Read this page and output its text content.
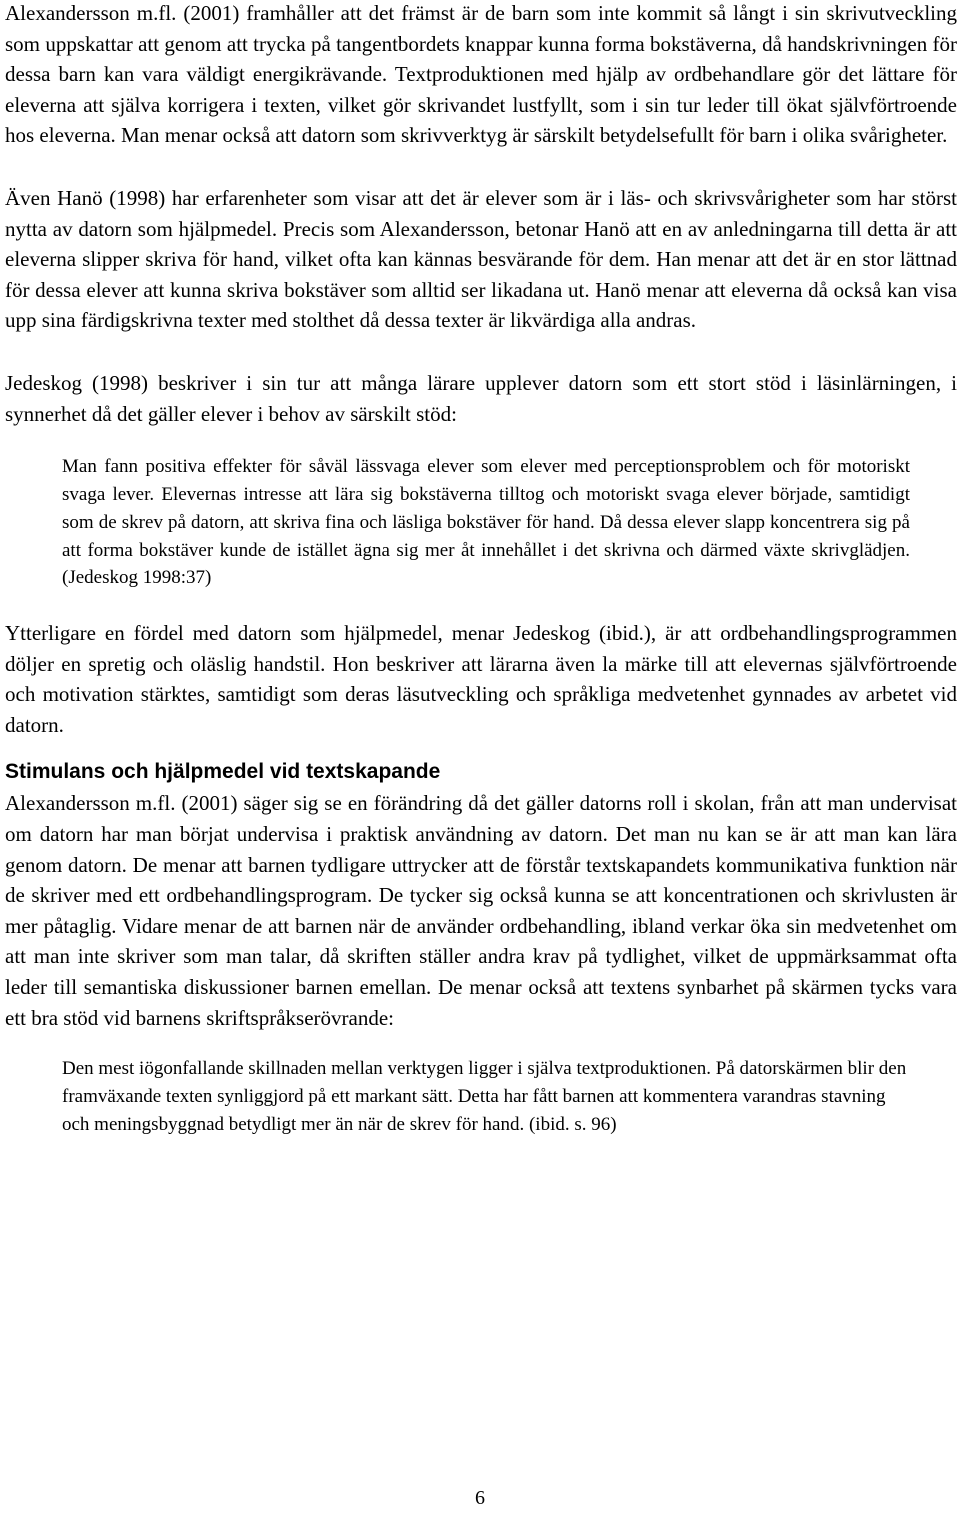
Alexandersson m.fl. (2001) framhåller att det främst är de barn som inte kommit så långt i sin skrivutveckling som uppskattar att genom att trycka på tangentbordets knappar kunna forma bokstäverna, då handskrivningen för dessa barn kan vara väldigt energikrävande. Textproduktionen med hjälp av ordbehandlare gör det lättare för eleverna att själva korrigera i texten, vilket gör skrivandet lustfyllt, som i sin tur leder till ökat självförtroende hos eleverna. Man menar också att datorn som skrivverktyg är särskilt betydelsefullt för barn i olika svårigheter.

Även Hanö (1998) har erfarenheter som visar att det är elever som är i läs- och skrivsvårigheter som har störst nytta av datorn som hjälpmedel. Precis som Alexandersson, betonar Hanö att en av anledningarna till detta är att eleverna slipper skriva för hand, vilket ofta kan kännas besvärande för dem. Han menar att det är en stor lättnad för dessa elever att kunna skriva bokstäver som alltid ser likadana ut. Hanö menar att eleverna då också kan visa upp sina färdigskrivna texter med stolthet då dessa texter är likvärdiga alla andras.

Jedeskog (1998) beskriver i sin tur att många lärare upplever datorn som ett stort stöd i läsinlärningen, i synnerhet då det gäller elever i behov av särskilt stöd:

Man fann positiva effekter för såväl lässvaga elever som elever med perceptionsproblem och för motoriskt svaga lever. Elevernas intresse att lära sig bokstäverna tilltog och motoriskt svaga elever började, samtidigt som de skrev på datorn, att skriva fina och läsliga bokstäver för hand. Då dessa elever slapp koncentrera sig på att forma bokstäver kunde de istället ägna sig mer åt innehållet i det skrivna och därmed växte skrivglädjen. (Jedeskog 1998:37)

Ytterligare en fördel med datorn som hjälpmedel, menar Jedeskog (ibid.), är att ordbehandlingsprogrammen döljer en spretig och oläslig handstil. Hon beskriver att lärarna även la märke till att elevernas självförtroende och motivation stärktes, samtidigt som deras läsutveckling och språkliga medvetenhet gynnades av arbetet vid datorn.

Stimulans och hjälpmedel vid textskapande

Alexandersson m.fl. (2001) säger sig se en förändring då det gäller datorns roll i skolan, från att man undervisat om datorn har man börjat undervisa i praktisk användning av datorn. Det man nu kan se är att man kan lära genom datorn. De menar att barnen tydligare uttrycker att de förstår textskapandets kommunikativa funktion när de skriver med ett ordbehandlingsprogram. De tycker sig också kunna se att koncentrationen och skrivlusten är mer påtaglig. Vidare menar de att barnen när de använder ordbehandling, ibland verkar öka sin medvetenhet om att man inte skriver som man talar, då skriften ställer andra krav på tydlighet, vilket de uppmärksammat ofta leder till semantiska diskussioner barnen emellan. De menar också att textens synbarhet på skärmen tycks vara ett bra stöd vid barnens skriftspråkserövrande:

Den mest iögonfallande skillnaden mellan verktygen ligger i själva textproduktionen. På datorskärmen blir den framväxande texten synliggjord på ett markant sätt. Detta har fått barnen att kommentera varandras stavning och meningsbyggnad betydligt mer än när de skrev för hand. (ibid. s. 96)

6
